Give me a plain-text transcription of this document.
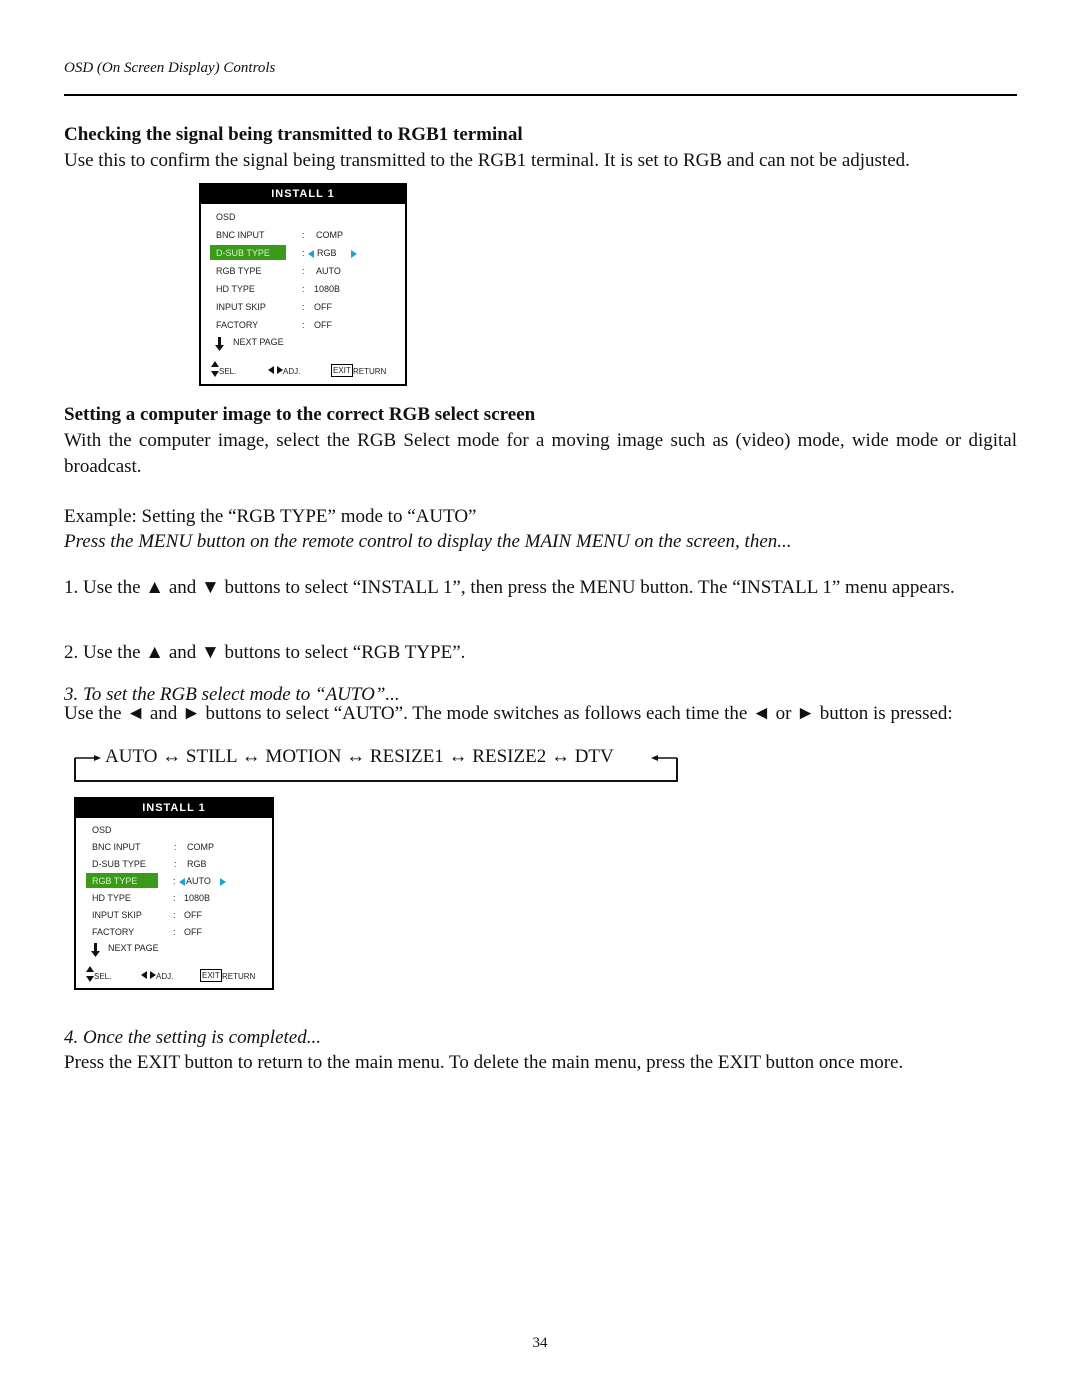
OSD (On Screen Display) Controls
Checking the signal being transmitted to RGB1 terminal
Use this to confirm the signal being transmitted to the RGB1 terminal. It is set to RGB and can not be adjusted.
INSTALL 1
OSD
BNC INPUT	: COMP
D-SUB TYPE	: RGB
RGB TYPE	: AUTO
HD TYPE	: 1080B
INPUT SKIP	: OFF
FACTORY	: OFF
NEXT PAGE
SEL.	ADJ.	EXIT RETURN
Setting a computer image to the correct RGB select screen
With the computer image, select the RGB Select mode for a moving image such as (video) mode, wide mode or digital broadcast.
Example: Setting the “RGB TYPE” mode to “AUTO”
Press the MENU button on the remote control to display the MAIN MENU on the screen, then...
1. Use the ▲ and ▼ buttons to select “INSTALL 1”, then press the MENU button. The “INSTALL 1” menu appears.
2. Use the ▲ and ▼ buttons to select “RGB TYPE”.
3. To set the RGB select mode to “AUTO”...
Use the ◄ and ► buttons to select “AUTO”. The mode switches as follows each time the ◄ or ► button is pressed:
AUTO ↔ STILL ↔ MOTION ↔ RESIZE1 ↔ RESIZE2 ↔ DTV
INSTALL 1
OSD
BNC INPUT	: COMP
D-SUB TYPE	: RGB
RGB TYPE	: AUTO
HD TYPE	: 1080B
INPUT SKIP	: OFF
FACTORY	: OFF
NEXT PAGE
SEL.	ADJ.	EXIT RETURN
4. Once the setting is completed...
Press the EXIT button to return to the main menu. To delete the main menu, press the EXIT button once more.
34
